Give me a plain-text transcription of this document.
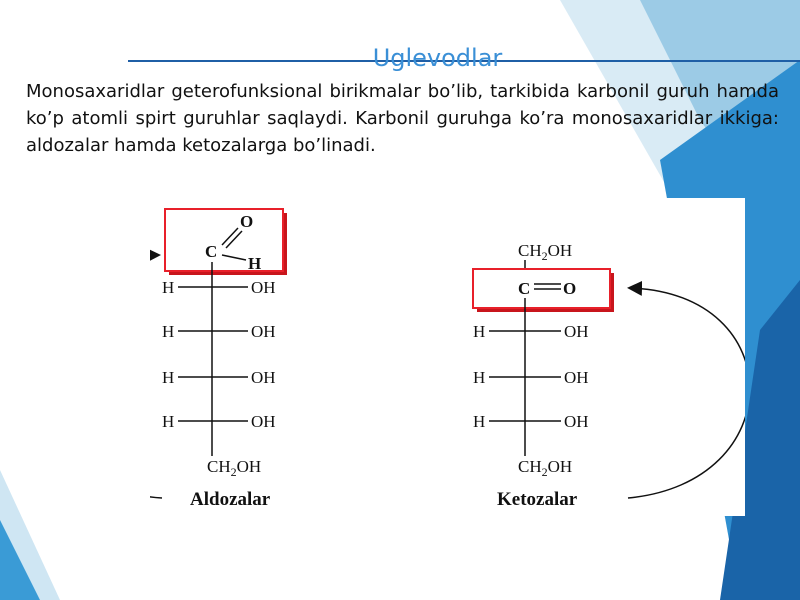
Uglevodlar
Monosaxaridlar geterofunksional birikmalar bo’lib, tarkibida karbonil guruh hamda ko’p atomli spirt guruhlar saqlaydi. Karbonil guruhga ko’ra monosaxaridlar ikkiga: aldozalar hamda ketozalarga bo’linadi.
O
C
H
H	OH
H	OH
H	OH
H	OH
$CH_2OH$
Aldozalar
$CH_2OH$
C O
H	OH
H	OH
H	OH
$CH_2OH$
Ketozalar
